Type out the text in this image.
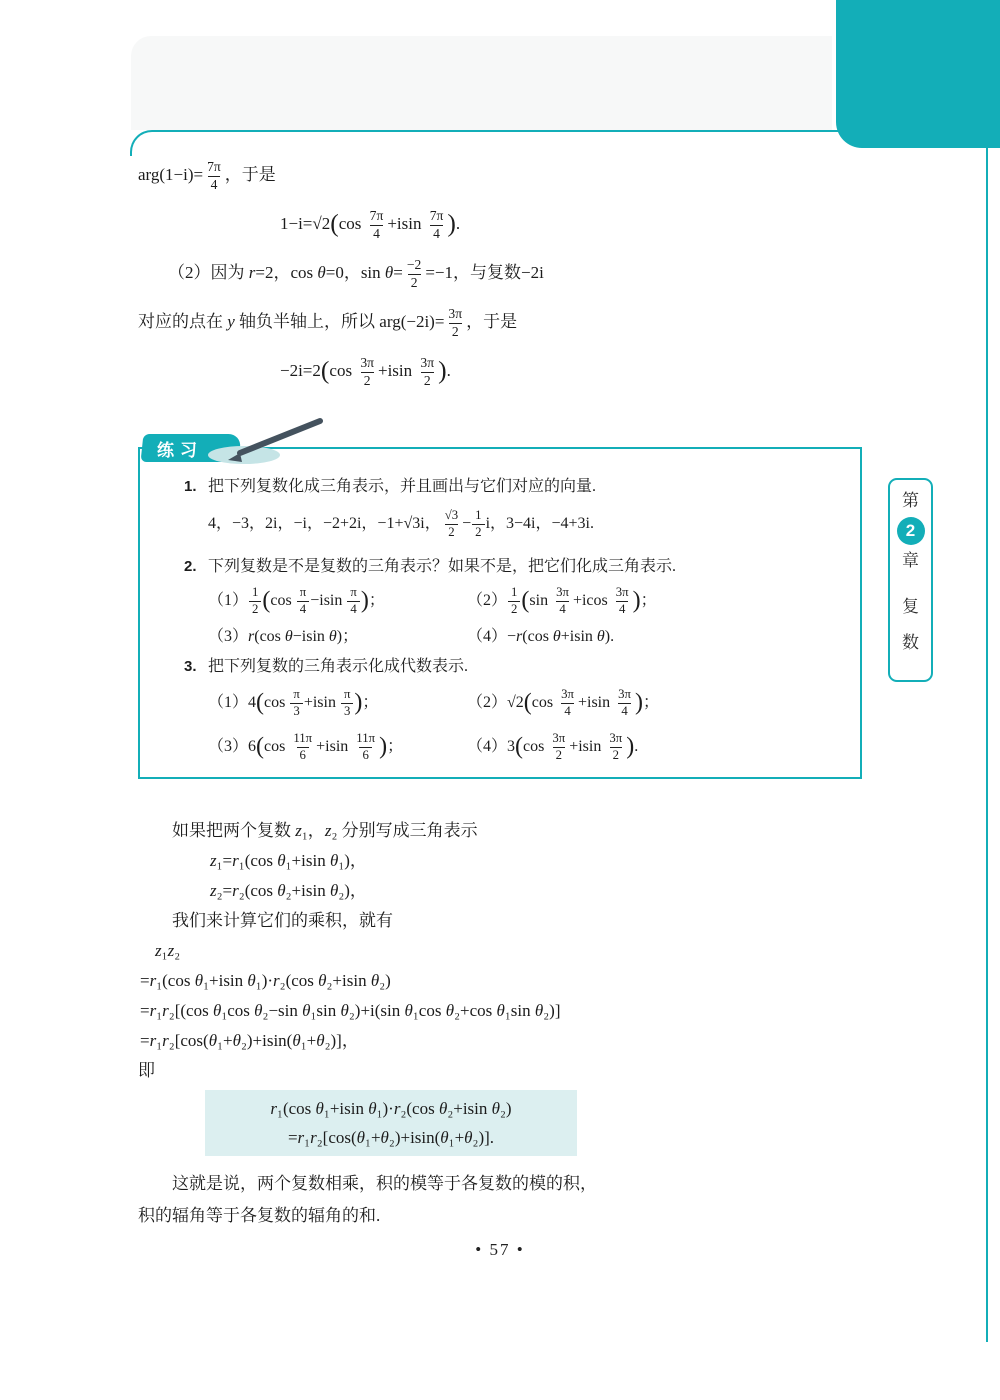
第
2
章
复
数
$arg(1-i)= \frac{7\pi}{4}$ ，于是
$1-i=√2(\cos \frac{7\pi}{4} +isin \frac{7\pi}{4}$ ).
（2）因为 r=2，cos θ=0，$\sin \theta= \frac{-2}{2} =-1$，与复数−2i
对应的点在 y 轴负半轴上，所以 $arg(-2i)= \frac{3\pi}{2}$ ，于是
$-2i=2(\cos \frac{3\pi}{2} +isin \frac{3\pi}{2}$ ).
练习
1. 把下列复数化成三角表示，并且画出与它们对应的向量.
4，−3，2i，−i，−2+2i，−1+√3i， $\frac{√3}{2} - \frac{1}{2}$ i，3−4i，−4+3i.
2. 下列复数是不是复数的三角表示？如果不是，把它们化成三角表示.
$(1) \frac{1}{2} (\cos \frac{\pi}{4} -isin \frac{\pi}{4}$ )；	$(2) \frac{1}{2} (\sin \frac{3\pi}{4} +icos \frac{3\pi}{4}$ )；
（3）r(cos θ−isin θ)；	（4）−r(cos θ+isin θ).
3. 把下列复数的三角表示化成代数表示.
$(1)4(\cos \frac{\pi}{3} +isin \frac{\pi}{3}$ )；	$(2)√2(\cos \frac{3\pi}{4} +isin \frac{3\pi}{4}$ )；
$(3)6(\cos \frac{11\pi}{6} +isin \frac{11\pi}{6}$ )；	$(4)3(\cos \frac{3\pi}{2} +isin \frac{3\pi}{2}$ ).
如果把两个复数 z₁，z₂ 分别写成三角表示
z₁=r₁(cos θ₁+isin θ₁)，
z₂=r₂(cos θ₂+isin θ₂)，
我们来计算它们的乘积，就有
z₁z₂
=r₁(cos θ₁+isin θ₁)·r₂(cos θ₂+isin θ₂)
=r₁r₂[(cos θ₁cos θ₂−sin θ₁sin θ₂)+i(sin θ₁cos θ₂+cos θ₁sin θ₂)]
=r₁r₂[cos(θ₁+θ₂)+isin(θ₁+θ₂)]，
即
r₁(cos θ₁+isin θ₁)·r₂(cos θ₂+isin θ₂)
=r₁r₂[cos(θ₁+θ₂)+isin(θ₁+θ₂)].
这就是说，两个复数相乘，积的模等于各复数的模的积，
积的辐角等于各复数的辐角的和.
• 57 •
